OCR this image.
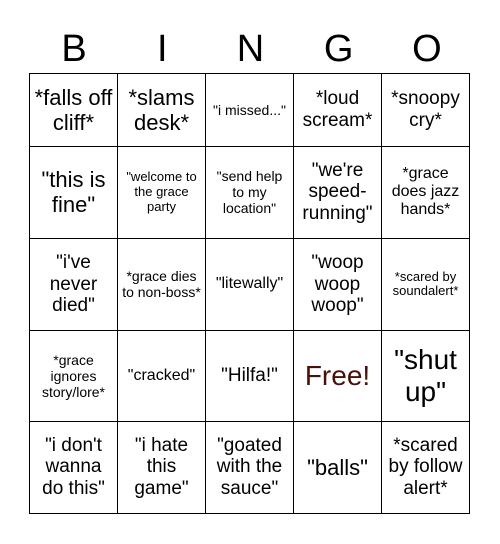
B	I	N	G	O
*falls off cliff*	*slams desk*	"i missed..."	*loud scream*	*snoopy cry*
"this is fine"	"welcome to the grace party	"send help to my location"	"we're speed-running"	*grace does jazz hands*
"i've never died"	*grace dies to non-boss*	"litewally"	"woop woop woop"	*scared by soundalert*
*grace ignores story/lore*	"cracked"	"Hilfa!"	Free!	"shut up"
"i don't wanna do this"	"i hate this game"	"goated with the sauce"	"balls"	*scared by follow alert*
